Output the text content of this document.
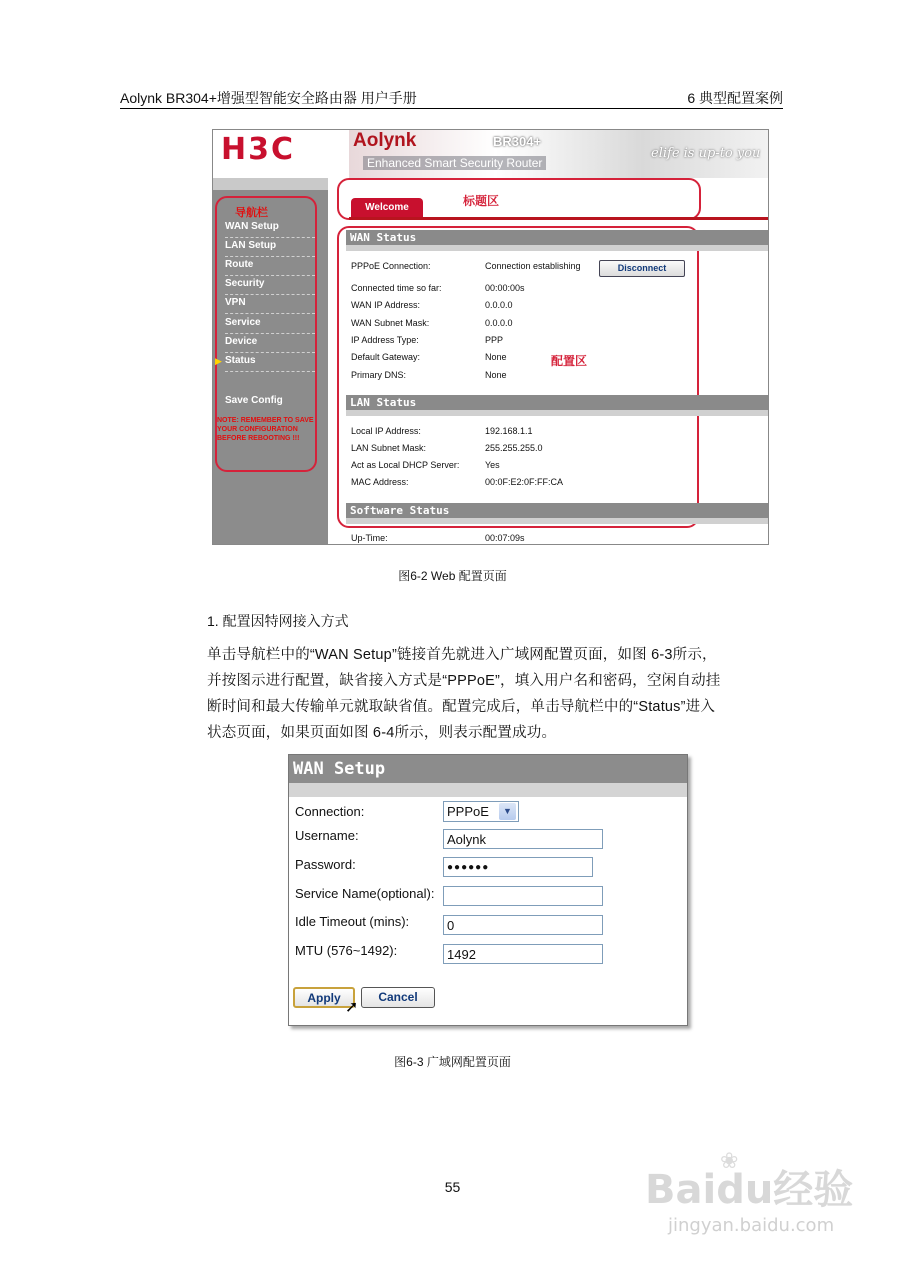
Aolynk BR304+增强型智能安全路由器 用户手册	6 典型配置案例
H3C	Aolynk	BR304+
Enhanced Smart Security Router
elife is up-to you
导航栏
WAN Setup
LAN Setup
Route
Security
VPN
Service
Device
▶ Status
Save Config
NOTE: REMEMBER TO SAVE YOUR CONFIGURATION BEFORE REBOOTING !!!
Welcome	标题区
配置区
WAN Status
PPPoE Connection:	Connection establishing	Disconnect
Connected time so far:	00:00:00s
WAN IP Address:	0.0.0.0
WAN Subnet Mask:	0.0.0.0
IP Address Type:	PPP
Default Gateway:	None
Primary DNS:	None
LAN Status
Local IP Address:	192.168.1.1
LAN Subnet Mask:	255.255.255.0
Act as Local DHCP Server:	Yes
MAC Address:	00:0F:E2:0F:FF:CA
Software Status
Up-Time:	00:07:09s
图6-2 Web 配置页面
1. 配置因特网接入方式
单击导航栏中的“WAN Setup”链接首先就进入广域网配置页面，如图 6-3所示，
并按图示进行配置，缺省接入方式是“PPPoE”，填入用户名和密码，空闲自动挂
断时间和最大传输单元就取缺省值。配置完成后，单击导航栏中的“Status”进入
状态页面，如果页面如图 6-4所示，则表示配置成功。
WAN Setup
Connection:	PPPoE	▼
Username:	Aolynk
Password:	●●●●●●
Service Name(optional):
Idle Timeout (mins):	0
MTU (576~1492):	1492
Apply	Cancel
➚
图6-3 广域网配置页面
55	Baidu经验
❀
jingyan.baidu.com
